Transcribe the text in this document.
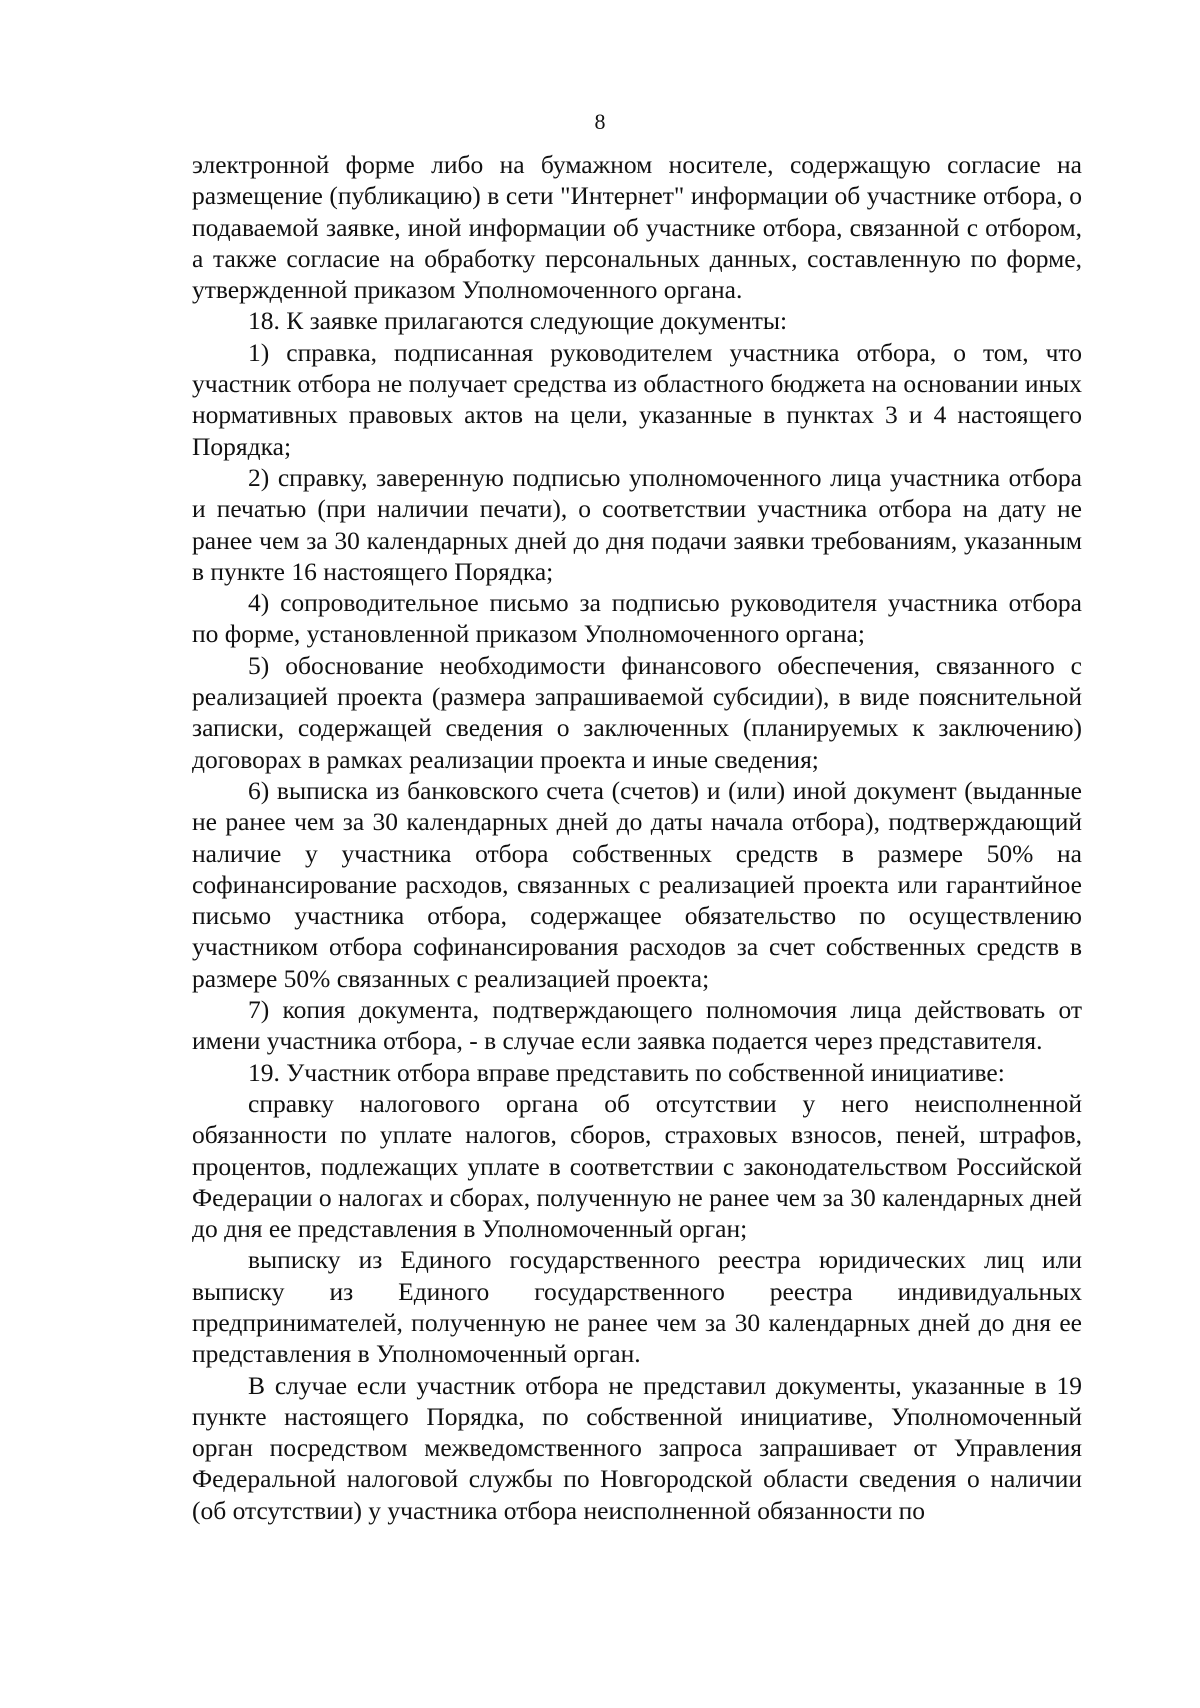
8

электронной форме либо на бумажном носителе, содержащую согласие на размещение (публикацию) в сети "Интернет" информации об участнике отбора, о подаваемой заявке, иной информации об участнике отбора, связанной с отбором, а также согласие на обработку персональных данных, составленную по форме, утвержденной приказом Уполномоченного органа.

18. К заявке прилагаются следующие документы:

1) справка, подписанная руководителем участника отбора, о том, что участник отбора не получает средства из областного бюджета на основании иных нормативных правовых актов на цели, указанные в пунктах 3 и 4 настоящего Порядка;

2) справку, заверенную подписью уполномоченного лица участника отбора и печатью (при наличии печати), о соответствии участника отбора на дату не ранее чем за 30 календарных дней до дня подачи заявки требованиям, указанным в пункте 16 настоящего Порядка;

4) сопроводительное письмо за подписью руководителя участника отбора по форме, установленной приказом Уполномоченного органа;

5) обоснование необходимости финансового обеспечения, связанного с реализацией проекта (размера запрашиваемой субсидии), в виде пояснительной записки, содержащей сведения о заключенных (планируемых к заключению) договорах в рамках реализации проекта и иные сведения;

6) выписка из банковского счета (счетов) и (или) иной документ (выданные не ранее чем за 30 календарных дней до даты начала отбора), подтверждающий наличие у участника отбора собственных средств в размере 50% на софинансирование расходов, связанных с реализацией проекта или гарантийное письмо участника отбора, содержащее обязательство по осуществлению участником отбора софинансирования расходов за счет собственных средств в размере 50% связанных с реализацией проекта;

7) копия документа, подтверждающего полномочия лица действовать от имени участника отбора, - в случае если заявка подается через представителя.

19. Участник отбора вправе представить по собственной инициативе:

справку налогового органа об отсутствии у него неисполненной обязанности по уплате налогов, сборов, страховых взносов, пеней, штрафов, процентов, подлежащих уплате в соответствии с законодательством Российской Федерации о налогах и сборах, полученную не ранее чем за 30 календарных дней до дня ее представления в Уполномоченный орган;

выписку из Единого государственного реестра юридических лиц или выписку из Единого государственного реестра индивидуальных предпринимателей, полученную не ранее чем за 30 календарных дней до дня ее представления в Уполномоченный орган.

В случае если участник отбора не представил документы, указанные в 19 пункте настоящего Порядка, по собственной инициативе, Уполномоченный орган посредством межведомственного запроса запрашивает от Управления Федеральной налоговой службы по Новгородской области сведения о наличии (об отсутствии) у участника отбора неисполненной обязанности по
